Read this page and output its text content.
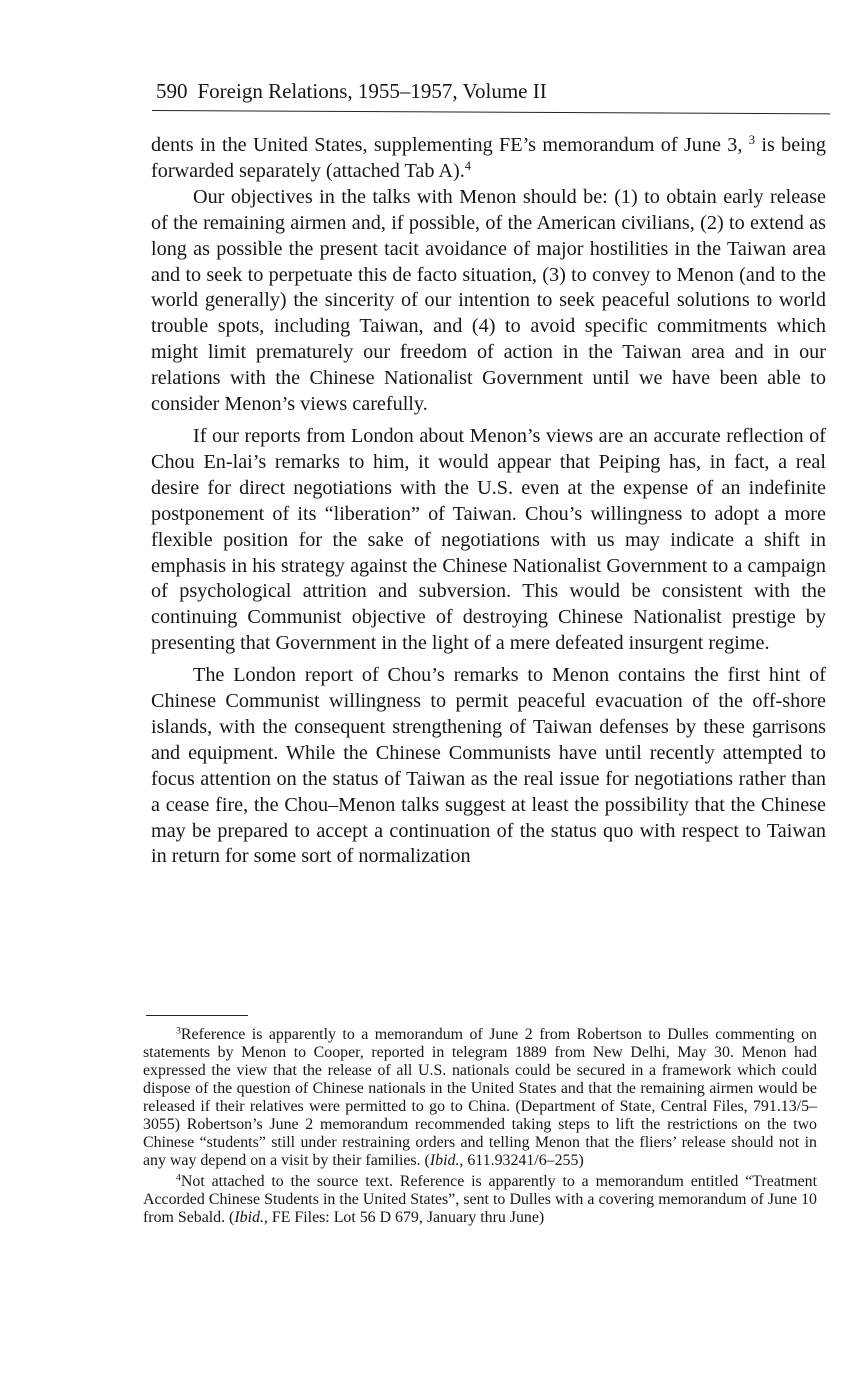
590 Foreign Relations, 1955–1957, Volume II

dents in the United States, supplementing FE’s memorandum of June 3, $^3$ is being forwarded separately (attached Tab A).$^4$

Our objectives in the talks with Menon should be: (1) to obtain early release of the remaining airmen and, if possible, of the American civilians, (2) to extend as long as possible the present tacit avoidance of major hostilities in the Taiwan area and to seek to perpetuate this de facto situation, (3) to convey to Menon (and to the world generally) the sincerity of our intention to seek peaceful solutions to world trouble spots, including Taiwan, and (4) to avoid specific commitments which might limit prematurely our freedom of action in the Taiwan area and in our relations with the Chinese Nationalist Government until we have been able to consider Menon’s views carefully.

If our reports from London about Menon’s views are an accurate reflection of Chou En-lai’s remarks to him, it would appear that Peiping has, in fact, a real desire for direct negotiations with the U.S. even at the expense of an indefinite postponement of its “liberation” of Taiwan. Chou’s willingness to adopt a more flexible position for the sake of negotiations with us may indicate a shift in emphasis in his strategy against the Chinese Nationalist Government to a campaign of psychological attrition and subversion. This would be consistent with the continuing Communist objective of destroying Chinese Nationalist prestige by presenting that Government in the light of a mere defeated insurgent regime.

The London report of Chou’s remarks to Menon contains the first hint of Chinese Communist willingness to permit peaceful evacuation of the off-shore islands, with the consequent strengthening of Taiwan defenses by these garrisons and equipment. While the Chinese Communists have until recently attempted to focus attention on the status of Taiwan as the real issue for negotiations rather than a cease fire, the Chou–Menon talks suggest at least the possibility that the Chinese may be prepared to accept a continuation of the status quo with respect to Taiwan in return for some sort of normalization

$^3$Reference is apparently to a memorandum of June 2 from Robertson to Dulles commenting on statements by Menon to Cooper, reported in telegram 1889 from New Delhi, May 30. Menon had expressed the view that the release of all U.S. nationals could be secured in a framework which could dispose of the question of Chinese nationals in the United States and that the remaining airmen would be released if their relatives were permitted to go to China. (Department of State, Central Files, 791.13/5–​3055) Robertson’s June 2 memorandum recommended taking steps to lift the restrictions on the two Chinese “students” still under restraining orders and telling Menon that the fliers’ release should not in any way depend on a visit by their families. (Ibid., 611.93241/6–255)

$^4$Not attached to the source text. Reference is apparently to a memorandum entitled “Treatment Accorded Chinese Students in the United States”, sent to Dulles with a covering memorandum of June 10 from Sebald. (Ibid., FE Files: Lot 56 D 679, January thru June)
